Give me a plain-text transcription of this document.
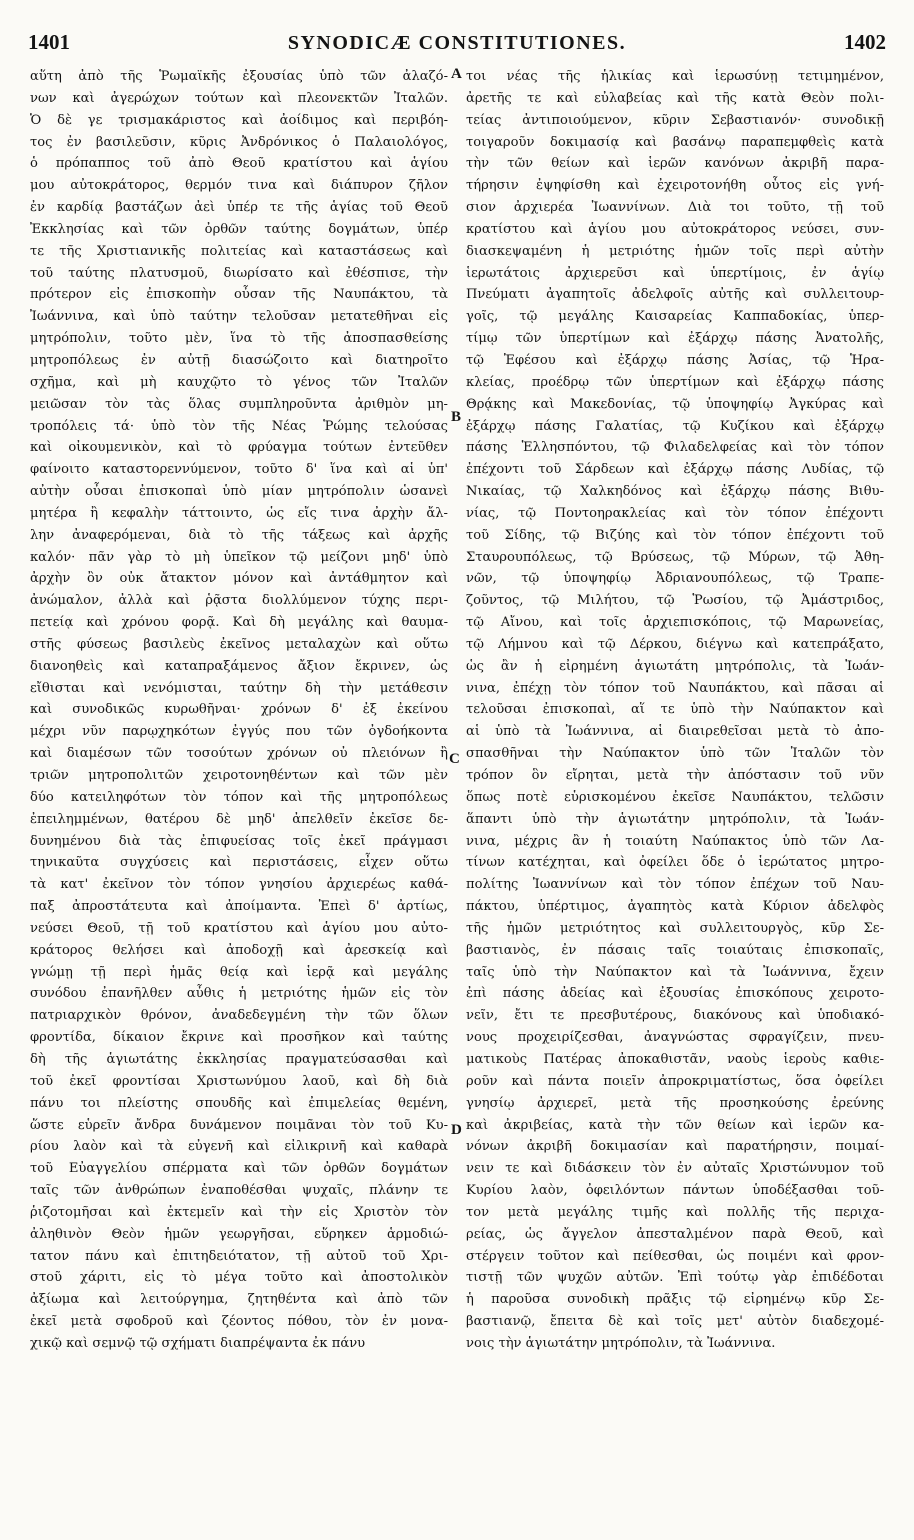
1401	SYNODICÆ CONSTITUTIONES.	1402
αὕτη ἀπὸ τῆς Ῥωμαϊκῆς ἐξουσίας ὑπὸ τῶν ἀλαζό-
νων καὶ ἀγερώχων τούτων καὶ πλεονεκτῶν Ἰταλῶν.
Ὁ δὲ γε τρισμακάριστος καὶ ἀοίδιμος καὶ περιβόη-
τος ἐν βασιλεῦσιν, κῦρις Ἀνδρόνικος ὁ Παλαιολόγος,
ὁ πρόπαππος τοῦ ἀπὸ Θεοῦ κρατίστου καὶ ἁγίου
μου αὐτοκράτορος, θερμόν τινα καὶ διάπυρον ζῆλον
ἐν καρδίᾳ βαστάζων ἀεὶ ὑπέρ τε τῆς ἁγίας τοῦ Θεοῦ
Ἐκκλησίας καὶ τῶν ὀρθῶν ταύτης δογμάτων, ὑπέρ
τε τῆς Χριστιανικῆς πολιτείας καὶ καταστάσεως καὶ
τοῦ ταύτης πλατυσμοῦ, διωρίσατο καὶ ἐθέσπισε, τὴν
πρότερον εἰς ἐπισκοπὴν οὖσαν τῆς Ναυπάκτου, τὰ
Ἰωάννινα, καὶ ὑπὸ ταύτην τελοῦσαν μετατεθῆναι εἰς
μητρόπολιν, τοῦτο μὲν, ἵνα τὸ τῆς ἀποσπασθείσης
μητροπόλεως ἐν αὐτῇ διασώζοιτο καὶ διατηροῖτο
σχῆμα, καὶ μὴ καυχῷτο τὸ γένος τῶν Ἰταλῶν
μειῶσαν τὸν τὰς ὅλας συμπληροῦντα ἀριθμὸν μη-
τροπόλεις τά· ὑπὸ τὸν τῆς Νέας Ῥώμης τελούσας
καὶ οἰκουμενικὸν, καὶ τὸ φρύαγμα τούτων ἐντεῦθεν
φαίνοιτο καταστορεννύμενον, τοῦτο δ' ἵνα καὶ αἱ ὑπ'
αὐτὴν οὖσαι ἐπισκοπαὶ ὑπὸ μίαν μητρόπολιν ὡσανεὶ
μητέρα ἢ κεφαλὴν τάττοιντο, ὡς εἴς τινα ἀρχὴν ἄλ-
λην ἀναφερόμεναι, διὰ τὸ τῆς τάξεως καὶ ἀρχῆς
καλόν· πᾶν γὰρ τὸ μὴ ὑπεῖκον τῷ μείζονι μηδ' ὑπὸ
ἀρχὴν ὂν οὐκ ἄτακτον μόνον καὶ ἀντάθμητον καὶ
ἀνώμαλον, ἀλλὰ καὶ ῥᾷστα διολλύμενον τύχης περι-
πετείᾳ καὶ χρόνου φορᾷ. Καὶ δὴ μεγάλης καὶ θαυμα-
στῆς φύσεως βασιλεὺς ἐκεῖνος μεταλαχὼν καὶ οὕτω
διανοηθεὶς καὶ καταπραξάμενος ἄξιον ἔκρινεν, ὡς
εἴθισται καὶ νενόμισται, ταύτην δὴ τὴν μετάθεσιν
καὶ συνοδικῶς κυρωθῆναι· χρόνων δ' ἐξ ἐκείνου
μέχρι νῦν παρῳχηκότων ἐγγύς που τῶν ὀγδοήκοντα
καὶ διαμέσων τῶν τοσούτων χρόνων οὐ πλειόνων ἢ
τριῶν μητροπολιτῶν χειροτονηθέντων καὶ τῶν μὲν
δύο κατειληφότων τὸν τόπον καὶ τῆς μητροπόλεως
ἐπειλημμένων, θατέρου δὲ μηδ' ἀπελθεῖν ἐκεῖσε δε-
δυνημένου διὰ τὰς ἐπιφυείσας τοῖς ἐκεῖ πράγμασι
τηνικαῦτα συγχύσεις καὶ περιστάσεις, εἶχεν οὕτω
τὰ κατ' ἐκεῖνον τὸν τόπον γνησίου ἀρχιερέως καθά-
παξ ἀπροστάτευτα καὶ ἀποίμαντα. Ἐπεὶ δ' ἀρτίως,
νεύσει Θεοῦ, τῇ τοῦ κρατίστου καὶ ἁγίου μου αὐτο-
κράτορος θελήσει καὶ ἀποδοχῇ καὶ ἀρεσκείᾳ καὶ
γνώμῃ τῇ περὶ ἡμᾶς θείᾳ καὶ ἱερᾷ καὶ μεγάλης
συνόδου ἐπανῆλθεν αὖθις ἡ μετριότης ἡμῶν εἰς τὸν
πατριαρχικὸν θρόνον, ἀναδεδεγμένη τὴν τῶν ὅλων
φροντίδα, δίκαιον ἔκρινε καὶ προσῆκον καὶ ταύτης
δὴ τῆς ἁγιωτάτης ἐκκλησίας πραγματεύσασθαι καὶ
τοῦ ἐκεῖ φροντίσαι Χριστωνύμου λαοῦ, καὶ δὴ διὰ
πάνυ τοι πλείστης σπουδῆς καὶ ἐπιμελείας θεμένη,
ὥστε εὑρεῖν ἄνδρα δυνάμενον ποιμᾶναι τὸν τοῦ Κυ-
ρίου λαὸν καὶ τὰ εὐγενῆ καὶ εἰλικρινῆ καὶ καθαρὰ
τοῦ Εὐαγγελίου σπέρματα καὶ τῶν ὀρθῶν δογμάτων
ταῖς τῶν ἀνθρώπων ἐναποθέσθαι ψυχαῖς, πλάνην τε
ῥιζοτομῆσαι καὶ ἐκτεμεῖν καὶ τὴν εἰς Χριστὸν τὸν
ἀληθινὸν Θεὸν ἡμῶν γεωργῆσαι, εὕρηκεν ἁρμοδιώ-
τατον πάνυ καὶ ἐπιτηδειότατον, τῇ αὐτοῦ τοῦ Χρι-
στοῦ χάριτι, εἰς τὸ μέγα τοῦτο καὶ ἀποστολικὸν
ἀξίωμα καὶ λειτούργημα, ζητηθέντα καὶ ἀπὸ τῶν
ἐκεῖ μετὰ σφοδροῦ καὶ ζέοντος πόθου, τὸν ἐν μονα-
χικῷ καὶ σεμνῷ τῷ σχήματι διαπρέψαντα ἐκ πάνυ
τοι νέας τῆς ἡλικίας καὶ ἱερωσύνῃ τετιμημένον,
ἀρετῆς τε καὶ εὐλαβείας καὶ τῆς κατὰ Θεὸν πολι-
τείας ἀντιποιούμενον, κῦριν Σεβαστιανόν· συνοδικῇ
τοιγαροῦν δοκιμασίᾳ καὶ βασάνῳ παραπεμφθεὶς κατὰ
τὴν τῶν θείων καὶ ἱερῶν κανόνων ἀκριβῆ παρα-
τήρησιν ἐψηφίσθη καὶ ἐχειροτονήθη οὗτος εἰς γνή-
σιον ἀρχιερέα Ἰωαννίνων. Διὰ τοι τοῦτο, τῇ τοῦ
κρατίστου καὶ ἁγίου μου αὐτοκράτορος νεύσει, συν-
διασκεψαμένη ἡ μετριότης ἡμῶν τοῖς περὶ αὐτὴν
ἱερωτάτοις ἀρχιερεῦσι καὶ ὑπερτίμοις, ἐν ἁγίῳ
Πνεύματι ἀγαπητοῖς ἀδελφοῖς αὐτῆς καὶ συλλειτουρ-
γοῖς, τῷ μεγάλης Καισαρείας Καππαδοκίας, ὑπερ-
τίμῳ τῶν ὑπερτίμων καὶ ἐξάρχῳ πάσης Ἀνατολῆς,
τῷ Ἐφέσου καὶ ἐξάρχῳ πάσης Ἀσίας, τῷ Ἡρα-
κλείας, προέδρῳ τῶν ὑπερτίμων καὶ ἐξάρχῳ πάσης
Θρᾴκης καὶ Μακεδονίας, τῷ ὑποψηφίῳ Ἀγκύρας καὶ
ἐξάρχῳ πάσης Γαλατίας, τῷ Κυζίκου καὶ ἐξάρχῳ
πάσης Ἑλλησπόντου, τῷ Φιλαδελφείας καὶ τὸν τόπον
ἐπέχοντι τοῦ Σάρδεων καὶ ἐξάρχῳ πάσης Λυδίας, τῷ
Νικαίας, τῷ Χαλκηδόνος καὶ ἐξάρχῳ πάσης Βιθυ-
νίας, τῷ Ποντοηρακλείας καὶ τὸν τόπον ἐπέχοντι
τοῦ Σίδης, τῷ Βιζύης καὶ τὸν τόπον ἐπέχοντι τοῦ
Σταυρουπόλεως, τῷ Βρύσεως, τῷ Μύρων, τῷ Ἀθη-
νῶν, τῷ ὑποψηφίῳ Ἀδριανουπόλεως, τῷ Τραπε-
ζοῦντος, τῷ Μιλήτου, τῷ Ῥωσίου, τῷ Ἀμάστριδος,
τῷ Αἴνου, καὶ τοῖς ἀρχιεπισκόποις, τῷ Μαρωνείας,
τῷ Λήμνου καὶ τῷ Δέρκου, διέγνω καὶ κατεπράξατο,
ὡς ἂν ἡ εἰρημένη ἁγιωτάτη μητρόπολις, τὰ Ἰωάν-
νινα, ἐπέχῃ τὸν τόπον τοῦ Ναυπάκτου, καὶ πᾶσαι αἱ
τελοῦσαι ἐπισκοπαὶ, αἵ τε ὑπὸ τὴν Ναύπακτον καὶ
αἱ ὑπὸ τὰ Ἰωάννινα, αἱ διαιρεθεῖσαι μετὰ τὸ ἀπο-
σπασθῆναι τὴν Ναύπακτον ὑπὸ τῶν Ἰταλῶν τὸν
τρόπον ὃν εἴρηται, μετὰ τὴν ἀπόστασιν τοῦ νῦν
ὅπως ποτὲ εὑρισκομένου ἐκεῖσε Ναυπάκτου, τελῶσιν
ἅπαντι ὑπὸ τὴν ἁγιωτάτην μητρόπολιν, τὰ Ἰωάν-
νινα, μέχρις ἂν ἡ τοιαύτη Ναύπακτος ὑπὸ τῶν Λα-
τίνων κατέχηται, καὶ ὀφείλει ὅδε ὁ ἱερώτατος μητρο-
πολίτης Ἰωαννίνων καὶ τὸν τόπον ἐπέχων τοῦ Ναυ-
πάκτου, ὑπέρτιμος, ἀγαπητὸς κατὰ Κύριον ἀδελφὸς
τῆς ἡμῶν μετριότητος καὶ συλλειτουργὸς, κῦρ Σε-
βαστιανὸς, ἐν πάσαις ταῖς τοιαύταις ἐπισκοπαῖς,
ταῖς ὑπὸ τὴν Ναύπακτον καὶ τὰ Ἰωάννινα, ἔχειν
ἐπὶ πάσης ἀδείας καὶ ἐξουσίας ἐπισκόπους χειροτο-
νεῖν, ἔτι τε πρεσβυτέρους, διακόνους καὶ ὑποδιακό-
νους προχειρίζεσθαι, ἀναγνώστας σφραγίζειν, πνευ-
ματικοὺς Πατέρας ἀποκαθιστᾶν, ναοὺς ἱεροὺς καθιε-
ροῦν καὶ πάντα ποιεῖν ἀπροκριματίστως, ὅσα ὀφείλει
γνησίῳ ἀρχιερεῖ, μετὰ τῆς προσηκούσης ἐρεύνης
καὶ ἀκριβείας, κατὰ τὴν τῶν θείων καὶ ἱερῶν κα-
νόνων ἀκριβῆ δοκιμασίαν καὶ παρατήρησιν, ποιμαί-
νειν τε καὶ διδάσκειν τὸν ἐν αὐταῖς Χριστώνυμον τοῦ
Κυρίου λαὸν, ὀφειλόντων πάντων ὑποδέξασθαι τοῦ-
τον μετὰ μεγάλης τιμῆς καὶ πολλῆς τῆς περιχα-
ρείας, ὡς ἄγγελον ἀπεσταλμένον παρὰ Θεοῦ, καὶ
στέργειν τοῦτον καὶ πείθεσθαι, ὡς ποιμένι καὶ φρον-
τιστῇ τῶν ψυχῶν αὐτῶν. Ἐπὶ τούτῳ γὰρ ἐπιδέδοται
ἡ παροῦσα συνοδικὴ πρᾶξις τῷ εἰρημένῳ κῦρ Σε-
βαστιανῷ, ἔπειτα δὲ καὶ τοῖς μετ' αὐτὸν διαδεχομέ-
νοις τὴν ἁγιωτάτην μητρόπολιν, τὰ Ἰωάννινα.
A
B
C
D
